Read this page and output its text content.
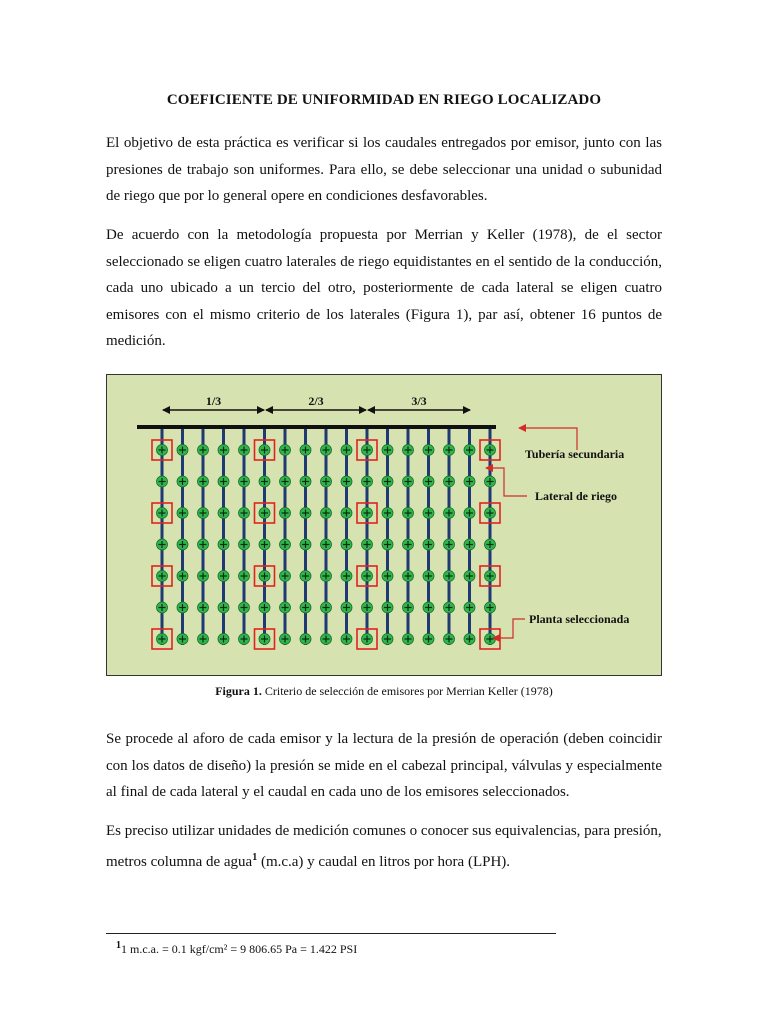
COEFICIENTE DE UNIFORMIDAD EN RIEGO LOCALIZADO

El objetivo de esta práctica es verificar si los caudales entregados por emisor, junto con las presiones de trabajo son uniformes. Para ello, se debe seleccionar una unidad o subunidad de riego que por lo general opere en condiciones desfavorables.

De acuerdo con la metodología propuesta por Merrian y Keller (1978), de el sector seleccionado se eligen cuatro laterales de riego equidistantes en el sentido de la conducción, cada uno ubicado a un tercio del otro, posteriormente de cada lateral se eligen cuatro emisores con el mismo criterio de los laterales (Figura 1), par así, obtener 16 puntos de medición.

1/3	2/3	3/3
Tubería secundaria
Lateral de riego
Planta seleccionada
Figura 1. Criterio de selección de emisores por Merrian Keller (1978)

Se procede al aforo de cada emisor y la lectura de la presión de operación (deben coincidir con los datos de diseño) la presión se mide en el cabezal principal, válvulas y especialmente al final de cada lateral y el caudal en cada uno de los emisores seleccionados.

Es preciso utilizar unidades de medición comunes o conocer sus equivalencias, para presión, metros columna de agua$^1$ (m.c.a) y caudal en litros por hora (LPH).

$^1$1 m.c.a. = 0.1 kgf/cm² = 9 806.65 Pa = 1.422 PSI
